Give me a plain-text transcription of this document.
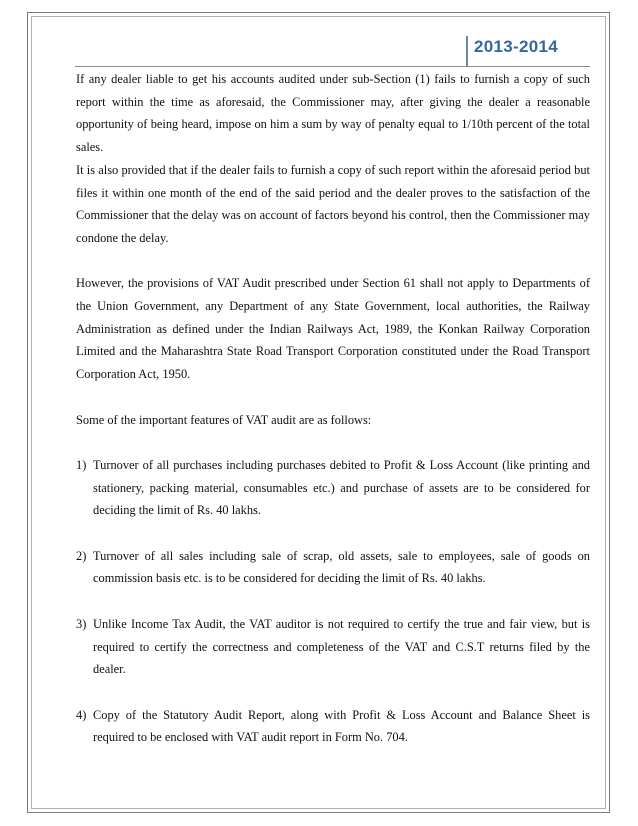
2013-2014

If any dealer liable to get his accounts audited under sub-Section (1) fails to furnish a copy of such report within the time as aforesaid, the Commissioner may, after giving the dealer a reasonable opportunity of being heard, impose on him a sum by way of penalty equal to 1/10th percent of the total sales.

It is also provided that if the dealer fails to furnish a copy of such report within the aforesaid period but files it within one month of the end of the said period and the dealer proves to the satisfaction of the Commissioner that the delay was on account of factors beyond his control, then the Commissioner may condone the delay.

However, the provisions of VAT Audit prescribed under Section 61 shall not apply to Departments of the Union Government, any Department of any State Government, local authorities, the Railway Administration as defined under the Indian Railways Act, 1989, the Konkan Railway Corporation Limited and the Maharashtra State Road Transport Corporation constituted under the Road Transport Corporation Act, 1950.

Some of the important features of VAT audit are as follows:

1) Turnover of all purchases including purchases debited to Profit & Loss Account (like printing and stationery, packing material, consumables etc.) and purchase of assets are to be considered for deciding the limit of Rs. 40 lakhs.
2) Turnover of all sales including sale of scrap, old assets, sale to employees, sale of goods on commission basis etc. is to be considered for deciding the limit of Rs. 40 lakhs.
3) Unlike Income Tax Audit, the VAT auditor is not required to certify the true and fair view, but is required to certify the correctness and completeness of the VAT and C.S.T returns filed by the dealer.
4) Copy of the Statutory Audit Report, along with Profit & Loss Account and Balance Sheet is required to be enclosed with VAT audit report in Form No. 704.
